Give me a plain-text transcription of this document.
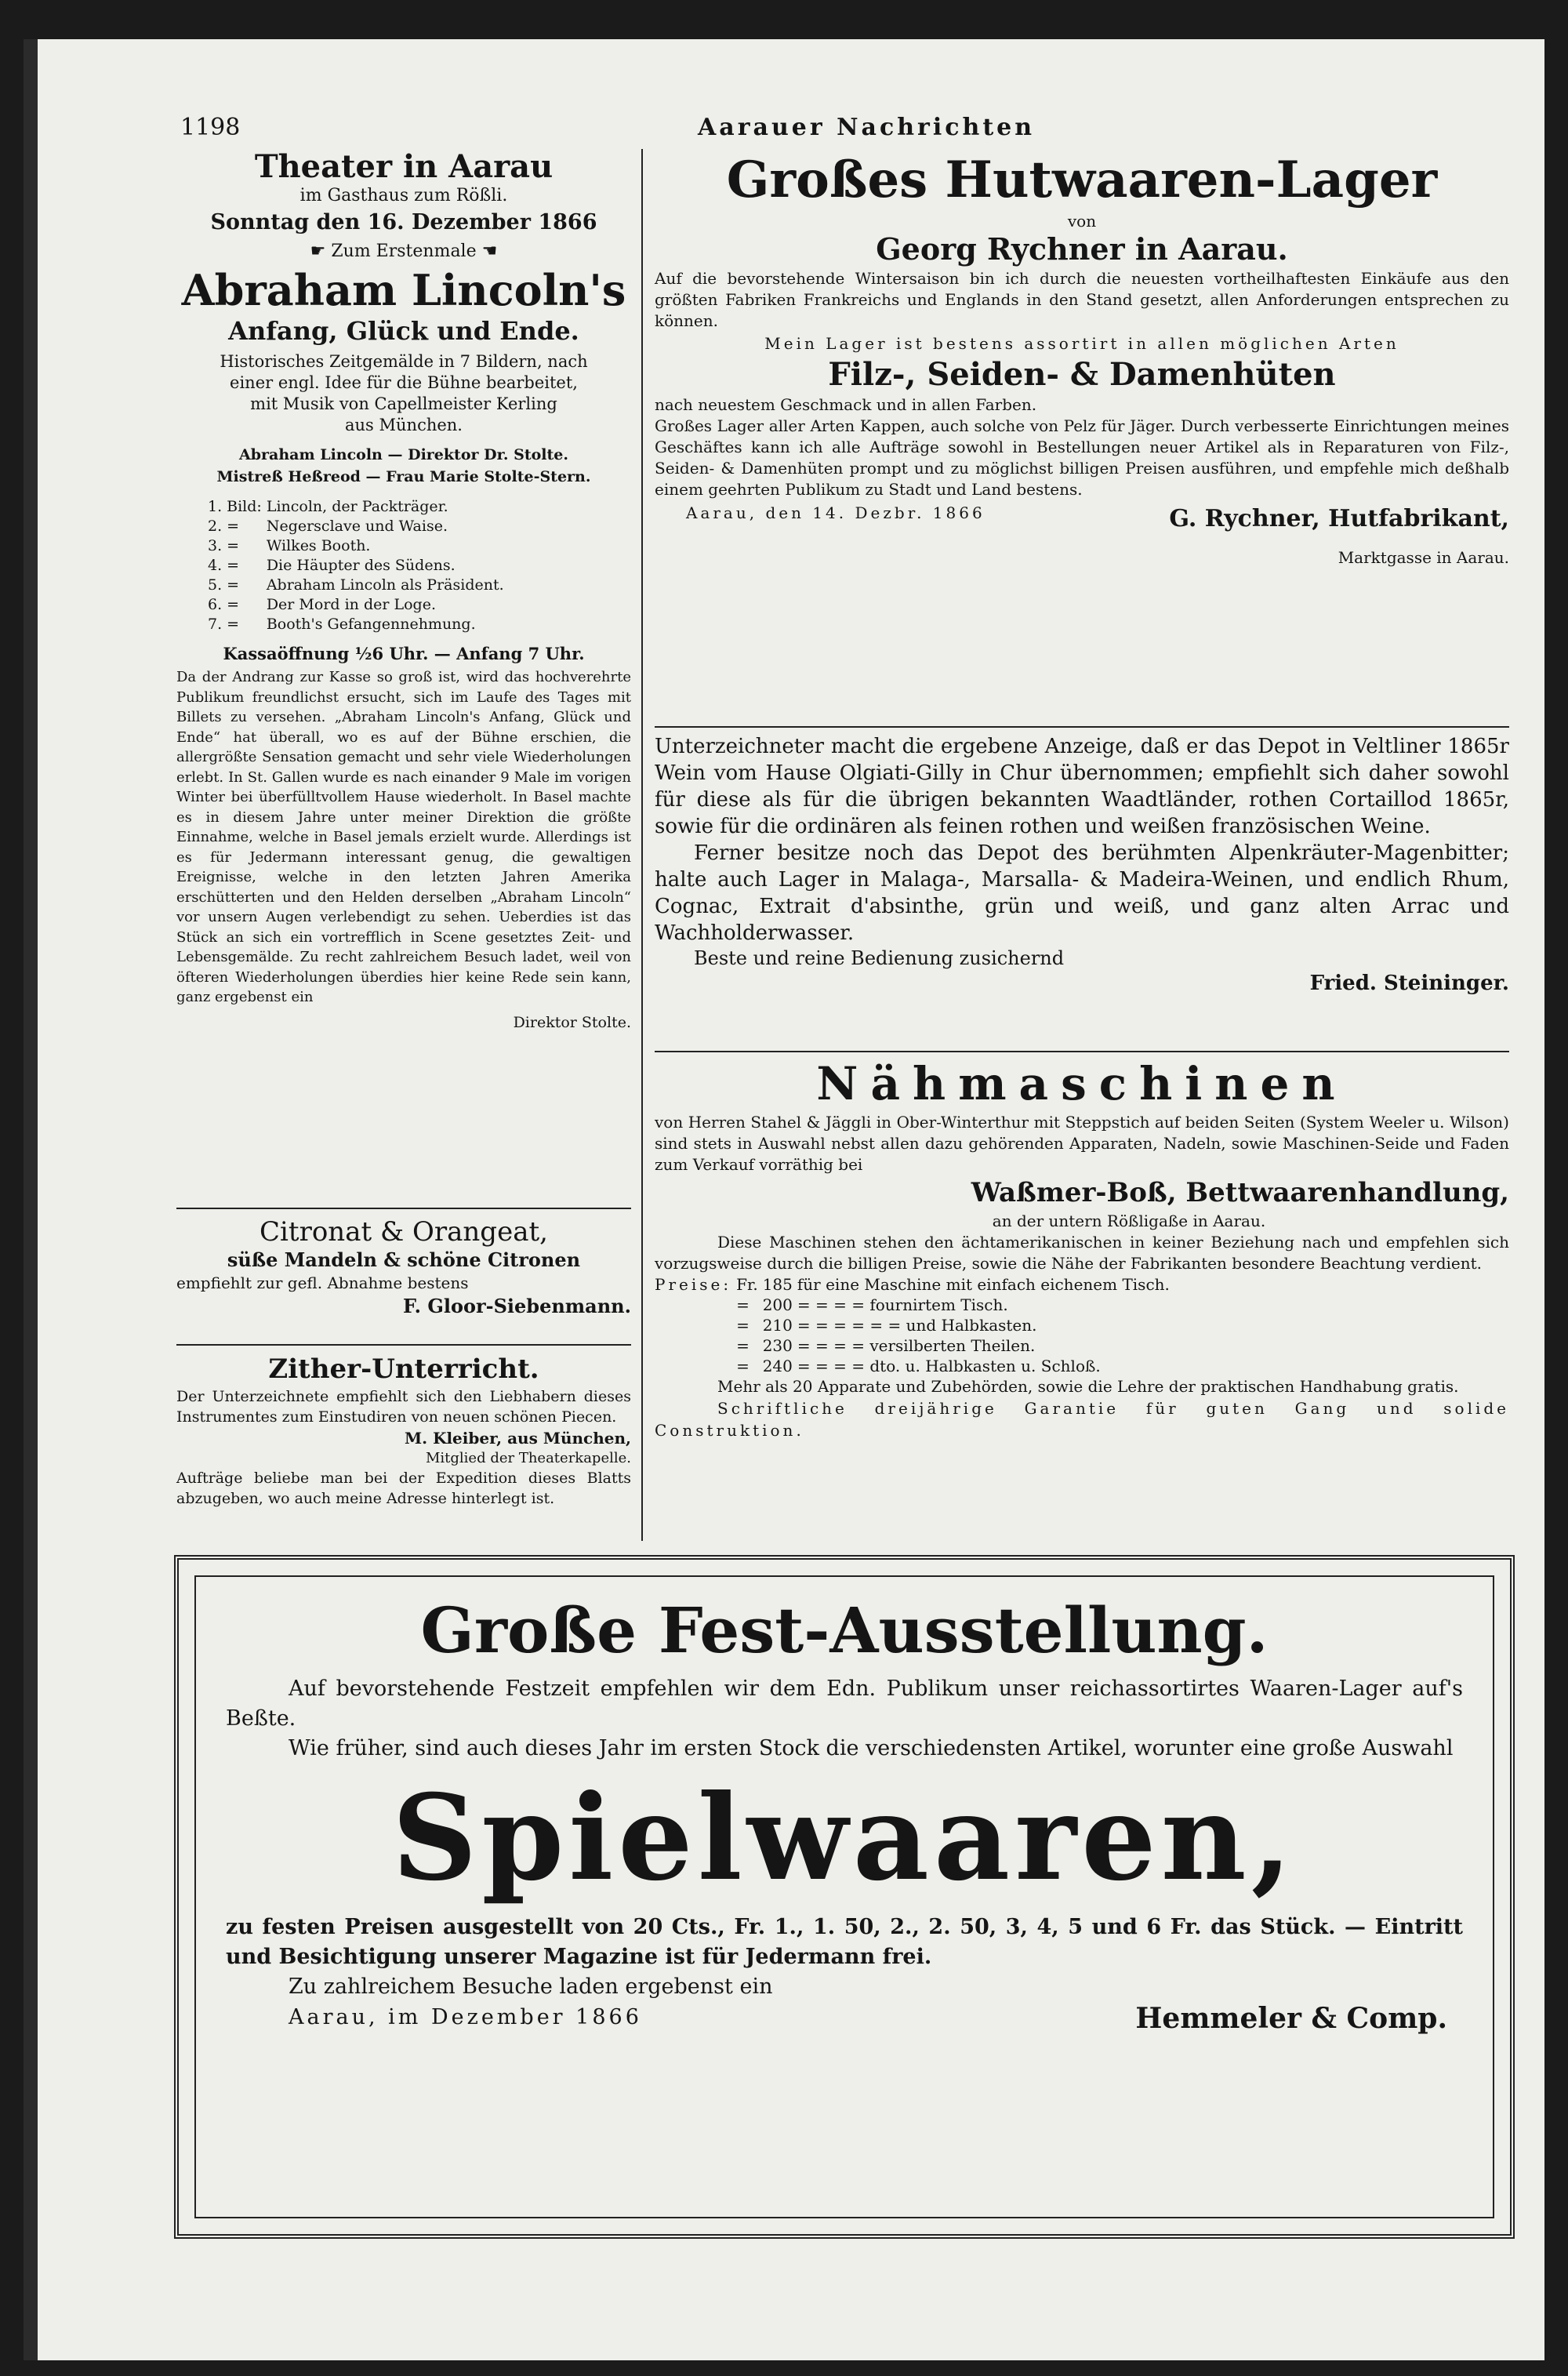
1198	Aarauer Nachrichten
Theater in Aarau
im Gasthaus zum Rößli.
Sonntag den 16. Dezember 1866
☛ Zum Erstenmale ☚
Abraham Lincoln's
Anfang, Glück und Ende.
Historisches Zeitgemälde in 7 Bildern, nach
einer engl. Idee für die Bühne bearbeitet,
mit Musik von Capellmeister Kerling
aus München.
Abraham Lincoln — Direktor Dr. Stolte.
Mistreß Heßreod — Frau Marie Stolte-Stern.
1.	Bild:	Lincoln, der Packträger.
2.	=	Negersclave und Waise.
3.	=	Wilkes Booth.
4.	=	Die Häupter des Südens.
5.	=	Abraham Lincoln als Präsident.
6.	=	Der Mord in der Loge.
7.	=	Booth's Gefangennehmung.
Kassaöffnung ½6 Uhr. — Anfang 7 Uhr.
Da der Andrang zur Kasse so groß ist, wird das hochverehrte Publikum freundlichst ersucht, sich im Laufe des Tages mit Billets zu versehen. „Abraham Lincoln's Anfang, Glück und Ende“ hat überall, wo es auf der Bühne erschien, die allergrößte Sensation gemacht und sehr viele Wiederholungen erlebt. In St. Gallen wurde es nach einander 9 Male im vorigen Winter bei überfülltvollem Hause wiederholt. In Basel machte es in diesem Jahre unter meiner Direktion die größte Einnahme, welche in Basel jemals erzielt wurde. Allerdings ist es für Jedermann interessant genug, die gewaltigen Ereignisse, welche in den letzten Jahren Amerika erschütterten und den Helden derselben „Abraham Lincoln“ vor unsern Augen verlebendigt zu sehen. Ueberdies ist das Stück an sich ein vortrefflich in Scene gesetztes Zeit- und Lebensgemälde. Zu recht zahlreichem Besuch ladet, weil von öfteren Wiederholungen überdies hier keine Rede sein kann, ganz ergebenst ein
Direktor Stolte.
Citronat & Orangeat,
süße Mandeln & schöne Citronen
empfiehlt zur gefl. Abnahme bestens
F. Gloor-Siebenmann.
Zither-Unterricht.
Der Unterzeichnete empfiehlt sich den Liebhabern dieses Instrumentes zum Einstudiren von neuen schönen Piecen.
M. Kleiber, aus München,
Mitglied der Theaterkapelle.
Aufträge beliebe man bei der Expedition dieses Blatts abzugeben, wo auch meine Adresse hinterlegt ist.
Großes Hutwaaren-Lager
von
Georg Rychner in Aarau.
Auf die bevorstehende Wintersaison bin ich durch die neuesten vortheilhaftesten Einkäufe aus den größten Fabriken Frankreichs und Englands in den Stand gesetzt, allen Anforderungen entsprechen zu können.
Mein Lager ist bestens assortirt in allen möglichen Arten
Filz-, Seiden- & Damenhüten
nach neuestem Geschmack und in allen Farben.
Großes Lager aller Arten Kappen, auch solche von Pelz für Jäger. Durch verbesserte Einrichtungen meines Geschäftes kann ich alle Aufträge sowohl in Bestellungen neuer Artikel als in Reparaturen von Filz-, Seiden- & Damenhüten prompt und zu möglichst billigen Preisen ausführen, und empfehle mich deßhalb einem geehrten Publikum zu Stadt und Land bestens.
Aarau, den 14. Dezbr. 1866	G. Rychner, Hutfabrikant,
Marktgasse in Aarau.
Unterzeichneter macht die ergebene Anzeige, daß er das Depot in Veltliner 1865r Wein vom Hause Olgiati-Gilly in Chur übernommen; empfiehlt sich daher sowohl für diese als für die übrigen bekannten Waadtländer, rothen Cortaillod 1865r, sowie für die ordinären als feinen rothen und weißen französischen Weine.
Ferner besitze noch das Depot des berühmten Alpenkräuter-Magenbitter; halte auch Lager in Malaga-, Marsalla- & Madeira-Weinen, und endlich Rhum, Cognac, Extrait d'absinthe, grün und weiß, und ganz alten Arrac und Wachholderwasser.
Beste und reine Bedienung zusichernd
Fried. Steininger.
Nähmaschinen
von Herren Stahel & Jäggli in Ober-Winterthur mit Steppstich auf beiden Seiten (System Weeler u. Wilson) sind stets in Auswahl nebst allen dazu gehörenden Apparaten, Nadeln, sowie Maschinen-Seide und Faden zum Verkauf vorräthig bei
Waßmer-Boß, Bettwaarenhandlung,
an der untern Rößligaße in Aarau.
Diese Maschinen stehen den ächtamerikanischen in keiner Beziehung nach und empfehlen sich vorzugsweise durch die billigen Preise, sowie die Nähe der Fabrikanten besondere Beachtung verdient.
Preise:	Fr.	185	für eine Maschine mit einfach eichenem Tisch.
	=	200	= = = = fournirtem Tisch.
	=	210	= = = = = = und Halbkasten.
	=	230	= = = = versilberten Theilen.
	=	240	= = = = dto. u. Halbkasten u. Schloß.
Mehr als 20 Apparate und Zubehörden, sowie die Lehre der praktischen Handhabung gratis.
Schriftliche dreijährige Garantie für guten Gang und solide Construktion.
Große Fest-Ausstellung.
Auf bevorstehende Festzeit empfehlen wir dem Edn. Publikum unser reichassortirtes Waaren-Lager auf's Beßte.
Wie früher, sind auch dieses Jahr im ersten Stock die verschiedensten Artikel, worunter eine große Auswahl
Spielwaaren,
zu festen Preisen ausgestellt von 20 Cts., Fr. 1., 1. 50, 2., 2. 50, 3, 4, 5 und 6 Fr. das Stück. — Eintritt und Besichtigung unserer Magazine ist für Jedermann frei.
Zu zahlreichem Besuche laden ergebenst ein
Aarau, im Dezember 1866	Hemmeler & Comp.
